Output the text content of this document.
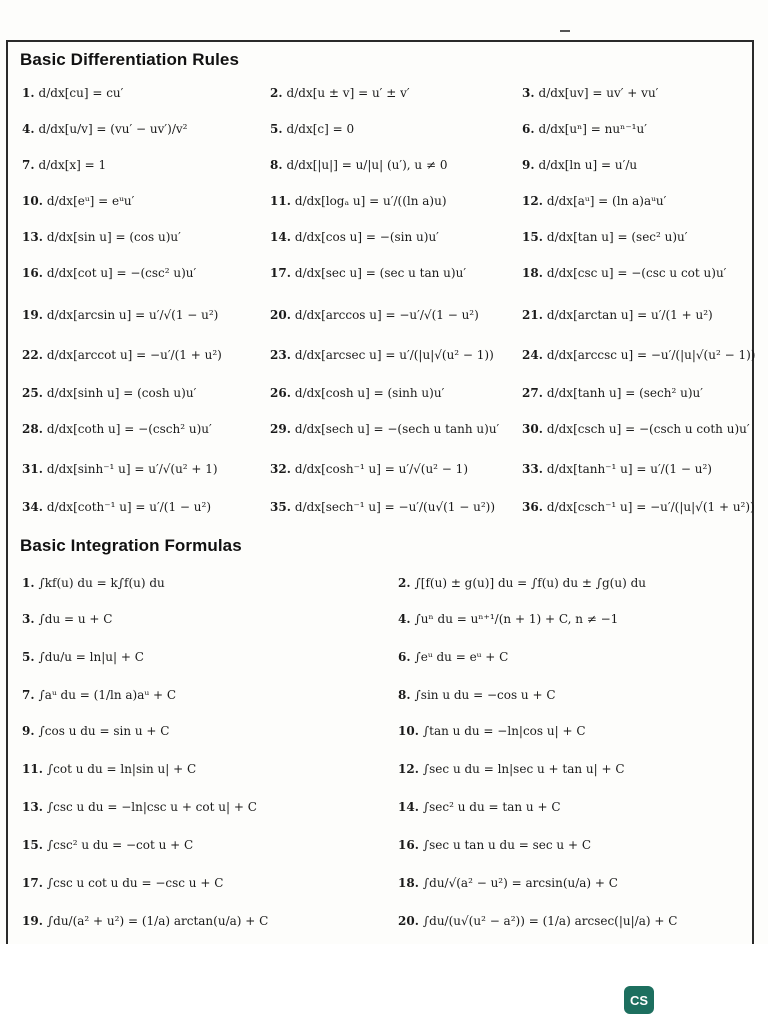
Basic Differentiation Rules
1. d/dx[cu] = cu′	2. d/dx[u ± v] = u′ ± v′	3. d/dx[uv] = uv′ + vu′
4. d/dx[u/v] = (vu′ − uv′)/v²	5. d/dx[c] = 0	6. d/dx[uⁿ] = nuⁿ⁻¹u′
7. d/dx[x] = 1	8. d/dx[|u|] = u/|u| (u′), u ≠ 0	9. d/dx[ln u] = u′/u
10. d/dx[eᵘ] = eᵘu′	11. d/dx[logₐ u] = u′/((ln a)u)	12. d/dx[aᵘ] = (ln a)aᵘu′
13. d/dx[sin u] = (cos u)u′	14. d/dx[cos u] = −(sin u)u′	15. d/dx[tan u] = (sec² u)u′
16. d/dx[cot u] = −(csc² u)u′	17. d/dx[sec u] = (sec u tan u)u′	18. d/dx[csc u] = −(csc u cot u)u′
19. d/dx[arcsin u] = u′/√(1 − u²)	20. d/dx[arccos u] = −u′/√(1 − u²)	21. d/dx[arctan u] = u′/(1 + u²)
22. d/dx[arccot u] = −u′/(1 + u²)	23. d/dx[arcsec u] = u′/(|u|√(u² − 1)) 24. d/dx[arccsc u] = −u′/(|u|√(u² − 1))
25. d/dx[sinh u] = (cosh u)u′	26. d/dx[cosh u] = (sinh u)u′	27. d/dx[tanh u] = (sech² u)u′
28. d/dx[coth u] = −(csch² u)u′	29. d/dx[sech u] = −(sech u tanh u)u′ 30. d/dx[csch u] = −(csch u coth u)u′
31. d/dx[sinh⁻¹ u] = u′/√(u² + 1)	32. d/dx[cosh⁻¹ u] = u′/√(u² − 1)	33. d/dx[tanh⁻¹ u] = u′/(1 − u²)
34. d/dx[coth⁻¹ u] = u′/(1 − u²)	35. d/dx[sech⁻¹ u] = −u′/(u√(1 − u²)) 36. d/dx[csch⁻¹ u] = −u′/(|u|√(1 + u²))
Basic Integration Formulas
1. ∫kf(u) du = k∫f(u) du	2. ∫[f(u) ± g(u)] du = ∫f(u) du ± ∫g(u) du
3. ∫du = u + C	4. ∫uⁿ du = uⁿ⁺¹/(n + 1) + C, n ≠ −1
5. ∫du/u = ln|u| + C	6. ∫eᵘ du = eᵘ + C
7. ∫aᵘ du = (1/ln a)aᵘ + C	8. ∫sin u du = −cos u + C
9. ∫cos u du = sin u + C	10. ∫tan u du = −ln|cos u| + C
11. ∫cot u du = ln|sin u| + C	12. ∫sec u du = ln|sec u + tan u| + C
13. ∫csc u du = −ln|csc u + cot u| + C	14. ∫sec² u du = tan u + C
15. ∫csc² u du = −cot u + C	16. ∫sec u tan u du = sec u + C
17. ∫csc u cot u du = −csc u + C	18. ∫du/√(a² − u²) = arcsin(u/a) + C
19. ∫du/(a² + u²) = (1/a) arctan(u/a) + C	20. ∫du/(u√(u² − a²)) = (1/a) arcsec(|u|/a) + C
CS
